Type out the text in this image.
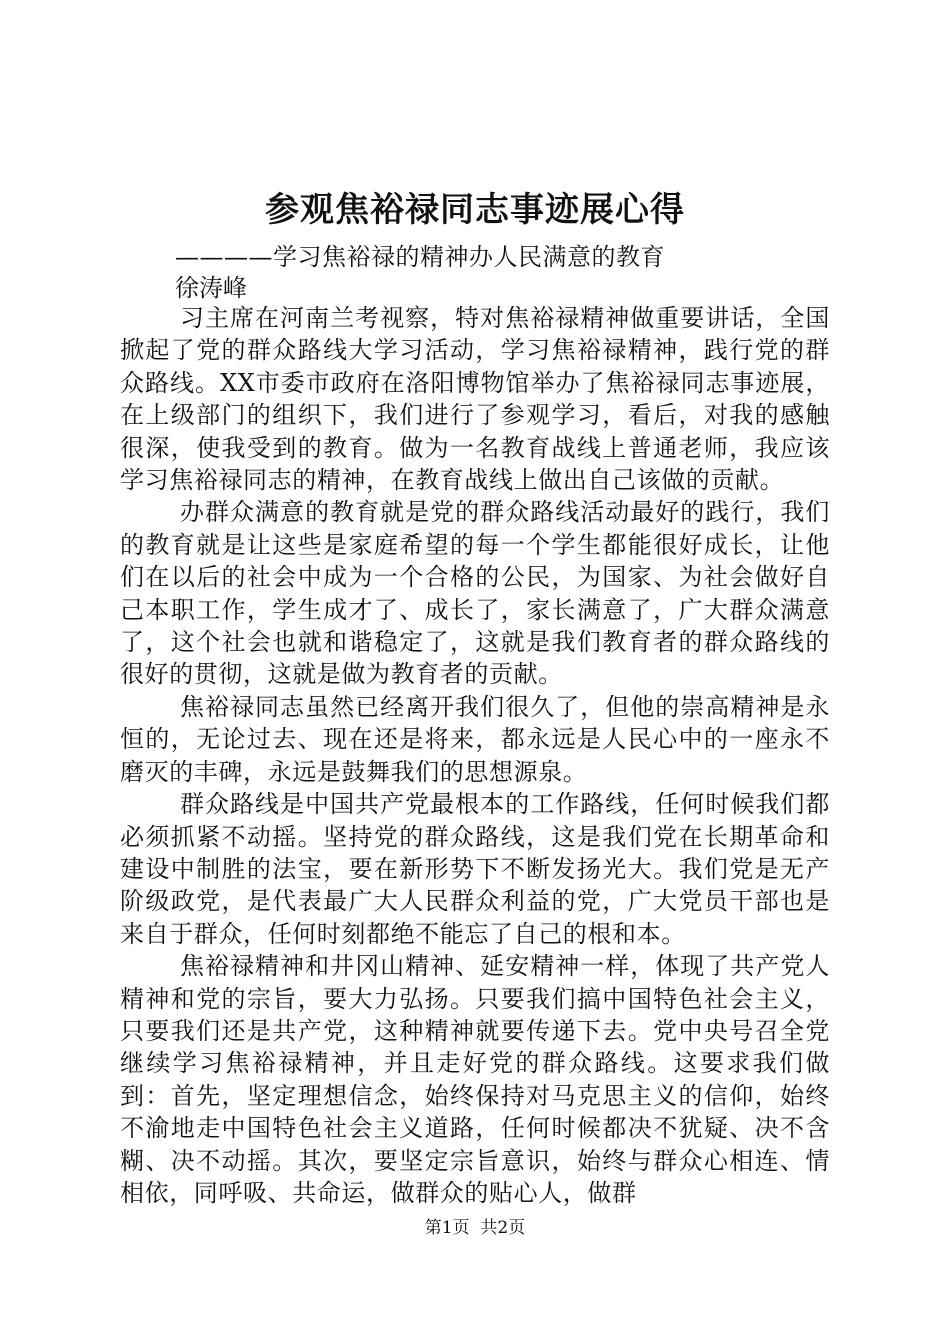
参观焦裕禄同志事迹展心得
————学习焦裕禄的精神办人民满意的教育
徐涛峰

习主席在河南兰考视察，特对焦裕禄精神做重要讲话，全国掀起了党的群众路线大学习活动，学习焦裕禄精神，践行党的群众路线。XX市委市政府在洛阳博物馆举办了焦裕禄同志事迹展，在上级部门的组织下，我们进行了参观学习，看后，对我的感触很深，使我受到的教育。做为一名教育战线上普通老师，我应该学习焦裕禄同志的精神，在教育战线上做出自己该做的贡献。

办群众满意的教育就是党的群众路线活动最好的践行，我们的教育就是让这些是家庭希望的每一个学生都能很好成长，让他们在以后的社会中成为一个合格的公民，为国家、为社会做好自己本职工作，学生成才了、成长了，家长满意了，广大群众满意了，这个社会也就和谐稳定了，这就是我们教育者的群众路线的很好的贯彻，这就是做为教育者的贡献。

焦裕禄同志虽然已经离开我们很久了，但他的崇高精神是永恒的，无论过去、现在还是将来，都永远是人民心中的一座永不磨灭的丰碑，永远是鼓舞我们的思想源泉。

群众路线是中国共产党最根本的工作路线，任何时候我们都必须抓紧不动摇。坚持党的群众路线，这是我们党在长期革命和建设中制胜的法宝，要在新形势下不断发扬光大。我们党是无产阶级政党，是代表最广大人民群众利益的党，广大党员干部也是来自于群众，任何时刻都绝不能忘了自己的根和本。

焦裕禄精神和井冈山精神、延安精神一样，体现了共产党人精神和党的宗旨，要大力弘扬。只要我们搞中国特色社会主义，只要我们还是共产党，这种精神就要传递下去。党中央号召全党继续学习焦裕禄精神，并且走好党的群众路线。这要求我们做到：首先，坚定理想信念，始终保持对马克思主义的信仰，始终不渝地走中国特色社会主义道路，任何时候都决不犹疑、决不含糊、决不动摇。其次，要坚定宗旨意识，始终与群众心相连、情相依，同呼吸、共命运，做群众的贴心人，做群

第1页  共2页
